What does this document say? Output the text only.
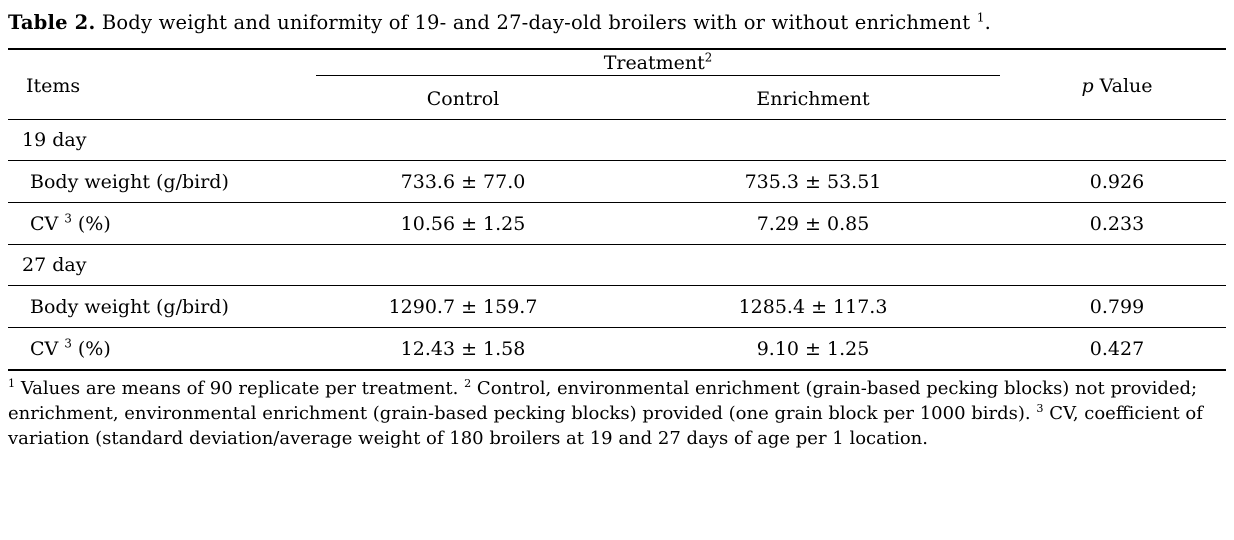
Table 2. Body weight and uniformity of 19- and 27-day-old broilers with or without enrichment $^1$.

Items	Treatment$^2$		p Value
	Control	Enrichment	
19 day			
Body weight (g/bird)	733.6 ± 77.0	735.3 ± 53.51	0.926
CV $^3$ (%)	10.56 ± 1.25	7.29 ± 0.85	0.233
27 day			
Body weight (g/bird)	1290.7 ± 159.7	1285.4 ± 117.3	0.799
CV $^3$ (%)	12.43 ± 1.58	9.10 ± 1.25	0.427

$^1$ Values are means of 90 replicate per treatment. $^2$ Control, environmental enrichment (grain-based pecking blocks) not provided; enrichment, environmental enrichment (grain-based pecking blocks) provided (one grain block per 1000 birds). $^3$ CV, coefficient of variation (standard deviation/average weight of 180 broilers at 19 and 27 days of age per 1 location.
